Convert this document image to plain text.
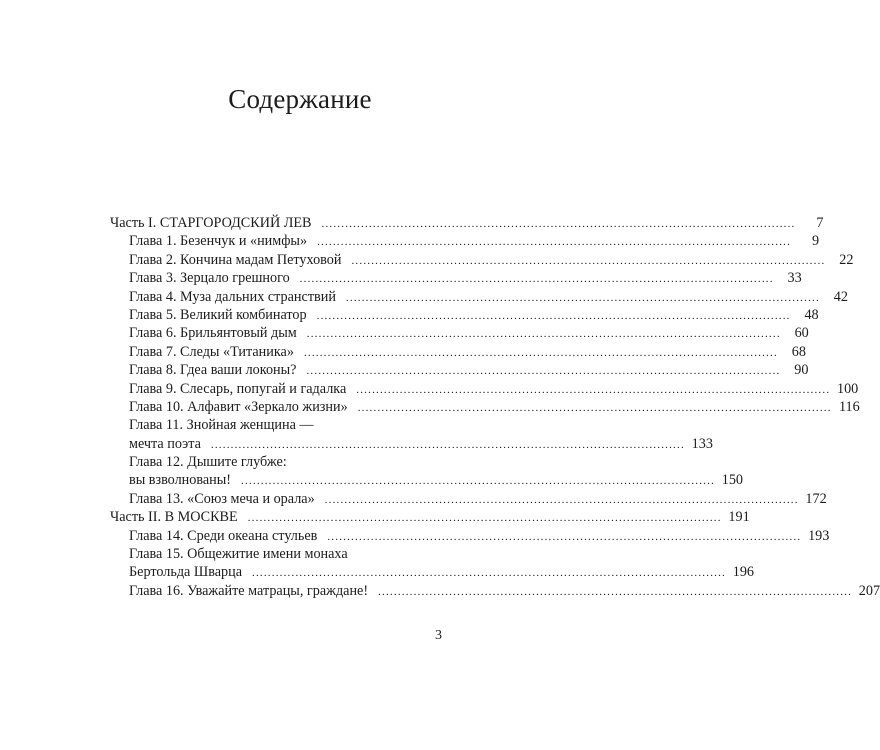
Содержание
Часть I. СТАРГОРОДСКИЙ ЛЕВ ........................................................................................................................	7
Глава 1. Безенчук и «нимфы» ........................................................................................................................	9
Глава 2. Кончина мадам Петуховой ........................................................................................................................ 22
Глава 3. Зерцало грешного ........................................................................................................................ 33
Глава 4. Муза дальних странствий ........................................................................................................................ 42
Глава 5. Великий комбинатор ........................................................................................................................ 48
Глава 6. Брильянтовый дым ........................................................................................................................ 60
Глава 7. Следы «Титаника» ........................................................................................................................ 68
Глава 8. Гдеа ваши локоны? ........................................................................................................................ 90
Глава 9. Слесарь, попугай и гадалка ........................................................................................................................ 100
Глава 10. Алфавит «Зеркало жизни» ........................................................................................................................ 116
Глава 11. Знойная женщина —
мечта поэта ........................................................................................................................ 133
Глава 12. Дышите глубже:
вы взволнованы! ........................................................................................................................ 150
Глава 13. «Союз меча и орала» ........................................................................................................................ 172
Часть II. В МОСКВЕ ........................................................................................................................ 191
Глава 14. Среди океана стульев ........................................................................................................................ 193
Глава 15. Общежитие имени монаха
Бертольда Шварца ........................................................................................................................ 196
Глава 16. Уважайте матрацы, граждане! ........................................................................................................................ 207
3
